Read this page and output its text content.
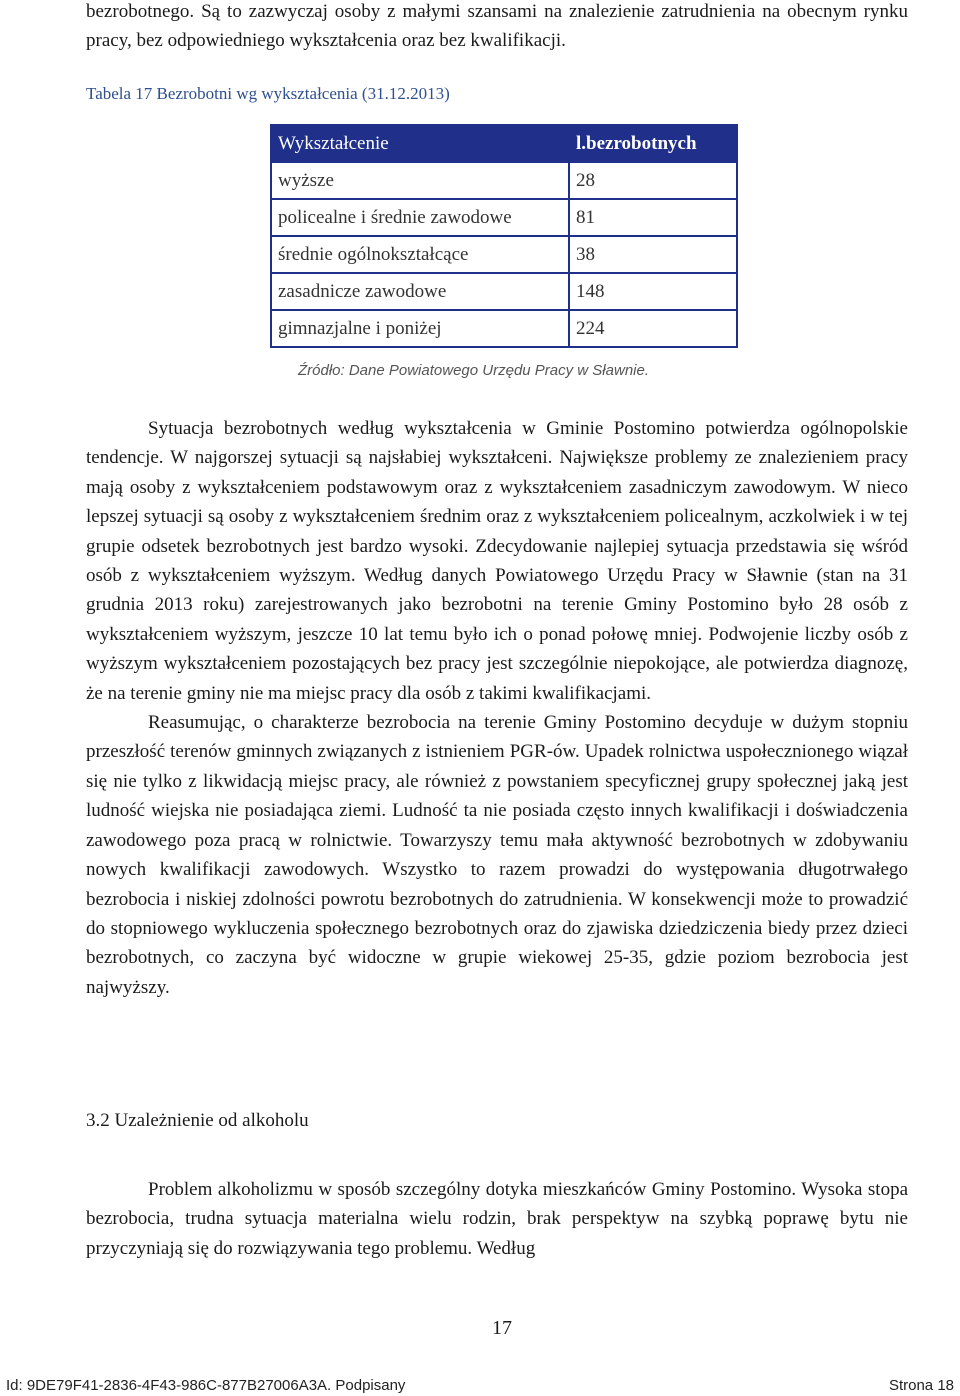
bezrobotnego. Są to zazwyczaj osoby z małymi szansami na znalezienie zatrudnienia na obecnym rynku pracy, bez odpowiedniego wykształcenia oraz bez kwalifikacji.

Tabela 17 Bezrobotni wg wykształcenia (31.12.2013)
Wykształcenie	l.bezrobotnych
wyższe	28
policealne i średnie zawodowe	81
średnie ogólnokształcące	38
zasadnicze zawodowe	148
gimnazjalne i poniżej	224
Źródło: Dane Powiatowego Urzędu Pracy w Sławnie.

Sytuacja bezrobotnych według wykształcenia w Gminie Postomino potwierdza ogólnopolskie tendencje. W najgorszej sytuacji są najsłabiej wykształceni. Największe problemy ze znalezieniem pracy mają osoby z wykształceniem podstawowym oraz z wykształceniem zasadniczym zawodowym. W nieco lepszej sytuacji są osoby z wykształceniem średnim oraz z wykształceniem policealnym, aczkolwiek i w tej grupie odsetek bezrobotnych jest bardzo wysoki. Zdecydowanie najlepiej sytuacja przedstawia się wśród osób z wykształceniem wyższym. Według danych Powiatowego Urzędu Pracy w Sławnie (stan na 31 grudnia 2013 roku) zarejestrowanych jako bezrobotni na terenie Gminy Postomino było 28 osób z wykształceniem wyższym, jeszcze 10 lat temu było ich o ponad połowę mniej. Podwojenie liczby osób z wyższym wykształceniem pozostających bez pracy jest szczególnie niepokojące, ale potwierdza diagnozę, że na terenie gminy nie ma miejsc pracy dla osób z takimi kwalifikacjami.

Reasumując, o charakterze bezrobocia na terenie Gminy Postomino decyduje w dużym stopniu przeszłość terenów gminnych związanych z istnieniem PGR-ów. Upadek rolnictwa uspołecznionego wiązał się nie tylko z likwidacją miejsc pracy, ale również z powstaniem specyficznej grupy społecznej jaką jest ludność wiejska nie posiadająca ziemi. Ludność ta nie posiada często innych kwalifikacji i doświadczenia zawodowego poza pracą w rolnictwie. Towarzyszy temu mała aktywność bezrobotnych w zdobywaniu nowych kwalifikacji zawodowych. Wszystko to razem prowadzi do występowania długotrwałego bezrobocia i niskiej zdolności powrotu bezrobotnych do zatrudnienia. W konsekwencji może to prowadzić do stopniowego wykluczenia społecznego bezrobotnych oraz do zjawiska dziedziczenia biedy przez dzieci bezrobotnych, co zaczyna być widoczne w grupie wiekowej 25-35, gdzie poziom bezrobocia jest najwyższy.

3.2 Uzależnienie od alkoholu

Problem alkoholizmu w sposób szczególny dotyka mieszkańców Gminy Postomino. Wysoka stopa bezrobocia, trudna sytuacja materialna wielu rodzin, brak perspektyw na szybką poprawę bytu nie przyczyniają się do rozwiązywania tego problemu. Według

17
Id: 9DE79F41-2836-4F43-986C-877B27006A3A. Podpisany	Strona 18
